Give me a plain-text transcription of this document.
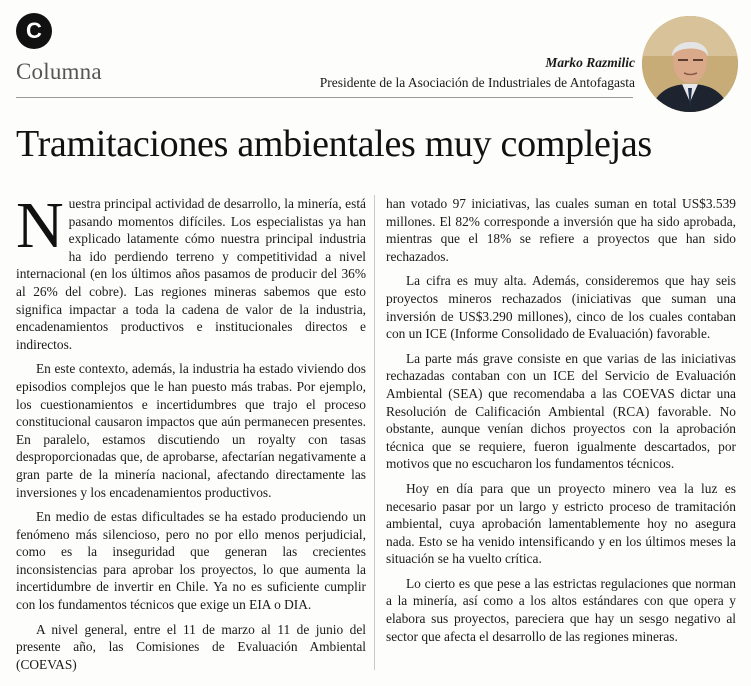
C
Columna	Marko Razmilic
Presidente de la Asociación de Industriales de Antofagasta
Tramitaciones ambientales muy complejas

Nuestra principal actividad de desarrollo, la minería, está pasando momentos difíciles. Los especialistas ya han explicado latamente cómo nuestra principal industria ha ido perdiendo terreno y competitividad a nivel internacional (en los últimos años pasamos de producir del 36% al 26% del cobre). Las regiones mineras sabemos que esto significa impactar a toda la cadena de valor de la industria, encadenamientos productivos e institucionales directos e indirectos.

En este contexto, además, la industria ha estado viviendo dos episodios complejos que le han puesto más trabas. Por ejemplo, los cuestionamientos e incertidumbres que trajo el proceso constitucional causaron impactos que aún permanecen presentes. En paralelo, estamos discutiendo un royalty con tasas desproporcionadas que, de aprobarse, afectarían negativamente a gran parte de la minería nacional, afectando directamente las inversiones y los encadenamientos productivos.

En medio de estas dificultades se ha estado produciendo un fenómeno más silencioso, pero no por ello menos perjudicial, como es la inseguridad que generan las crecientes inconsistencias para aprobar los proyectos, lo que aumenta la incertidumbre de invertir en Chile. Ya no es suficiente cumplir con los fundamentos técnicos que exige un EIA o DIA.

A nivel general, entre el 11 de marzo al 11 de junio del presente año, las Comisiones de Evaluación Ambiental (COEVAS)

han votado 97 iniciativas, las cuales suman en total US$3.539 millones. El 82% corresponde a inversión que ha sido aprobada, mientras que el 18% se refiere a proyectos que han sido rechazados.

La cifra es muy alta. Además, consideremos que hay seis proyectos mineros rechazados (iniciativas que suman una inversión de US$3.290 millones), cinco de los cuales contaban con un ICE (Informe Consolidado de Evaluación) favorable.

La parte más grave consiste en que varias de las iniciativas rechazadas contaban con un ICE del Servicio de Evaluación Ambiental (SEA) que recomendaba a las COEVAS dictar una Resolución de Calificación Ambiental (RCA) favorable. No obstante, aunque venían dichos proyectos con la aprobación técnica que se requiere, fueron igualmente descartados, por motivos que no escucharon los fundamentos técnicos.

Hoy en día para que un proyecto minero vea la luz es necesario pasar por un largo y estricto proceso de tramitación ambiental, cuya aprobación lamentablemente hoy no asegura nada. Esto se ha venido intensificando y en los últimos meses la situación se ha vuelto crítica.

Lo cierto es que pese a las estrictas regulaciones que norman a la minería, así como a los altos estándares con que opera y elabora sus proyectos, pareciera que hay un sesgo negativo al sector que afecta el desarrollo de las regiones mineras.
